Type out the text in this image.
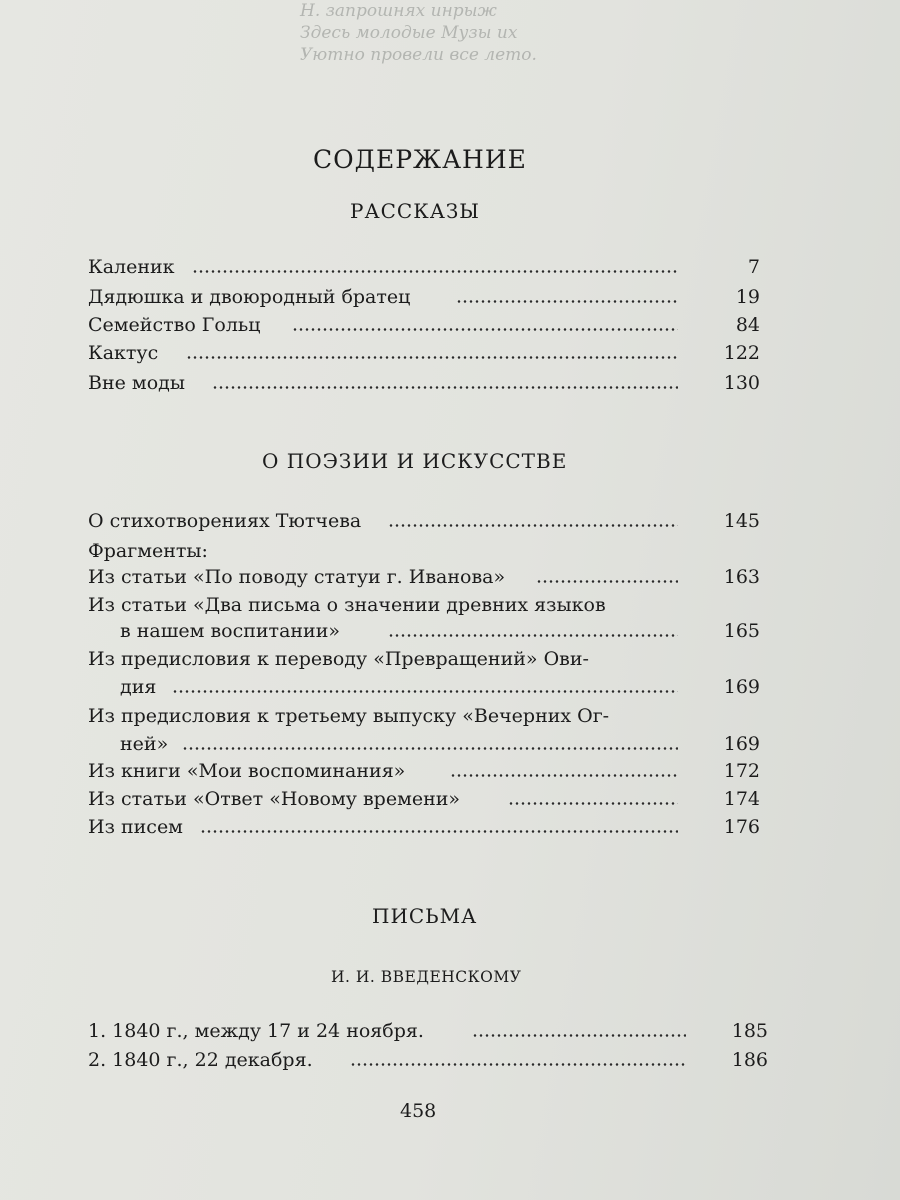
Н. запрошнях инрыж
Здесь молодые Музы их
Уютно провели все лето.
СОДЕРЖАНИЕ
РАССКАЗЫ
Каленик	7
Дядюшка и двоюродный братец	19
Семейство Гольц	84
Кактус	122
Вне моды	130
О ПОЭЗИИ И ИСКУССТВЕ
О стихотворениях Тютчева	145
Фрагменты:
Из статьи «По поводу статуи г. Иванова»	163
Из статьи «Два письма о значении древних языков
в нашем воспитании»	165
Из предисловия к переводу «Превращений» Ови-
дия	169
Из предисловия к третьему выпуску «Вечерних Ог-
ней»	169
Из книги «Мои воспоминания»	172
Из статьи «Ответ «Новому времени»	174
Из писем	176
ПИСЬМА
И. И. ВВЕДЕНСКОМУ
1. 1840 г., между 17 и 24 ноября.	185
2. 1840 г., 22 декабря.	186
458
